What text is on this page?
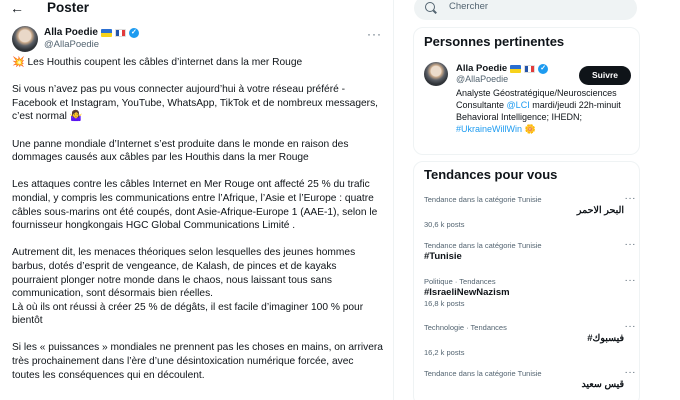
← Poster
Alla Poedie	✓
@AllaPoedie
···

💥 Les Houthis coupent les câbles d’internet dans la mer Rouge

Si vous n’avez pas pu vous connecter aujourd’hui à votre réseau préféré - Facebook et Instagram, YouTube, WhatsApp, TikTok et de nombreux messagers, c’est normal 🤷‍♀️

Une panne mondiale d’Internet s’est produite dans le monde en raison des dommages causés aux câbles par les Houthis dans la mer Rouge

Les attaques contre les câbles Internet en Mer Rouge ont affecté 25 % du trafic mondial, y compris les communications entre l’Afrique, l’Asie et l’Europe : quatre câbles sous-marins ont été coupés, dont Asie-Afrique-Europe 1 (AAE-1), selon le fournisseur hongkongais HGC Global Communications Limité .

Autrement dit, les menaces théoriques selon lesquelles des jeunes hommes barbus, dotés d’esprit de vengeance, de Kalash, de pinces et de kayaks pourraient plonger notre monde dans le chaos, nous laissant tous sans communication, sont désormais bien réelles.

Là où ils ont réussi à créer 25 % de dégâts, il est facile d’imaginer 100 % pour bientôt

Si les « puissances » mondiales ne prennent pas les choses en mains, on arrivera très prochainement dans l’ère d’une désintoxication numérique forcée, avec toutes les conséquences qui en découlent.

Chercher
Personnes pertinentes
Alla Poedie	✓
@AllaPoedie	Suivre
Analyste Géostratégique/Neurosciences Consultante @LCI mardi/jeudi 22h-minuit Behavioral Intelligence; IHEDN; #UkraineWillWin 🌼
Tendances pour vous
···
Tendance dans la catégorie Tunisie
البحر الاحمر
30,6 k posts
···
Tendance dans la catégorie Tunisie
#Tunisie
···
Politique · Tendances
#IsraeliNewNazism
16,8 k posts
···
Technologie · Tendances
#فيسبوك
16,2 k posts
···
Tendance dans la catégorie Tunisie
قيس سعيد
